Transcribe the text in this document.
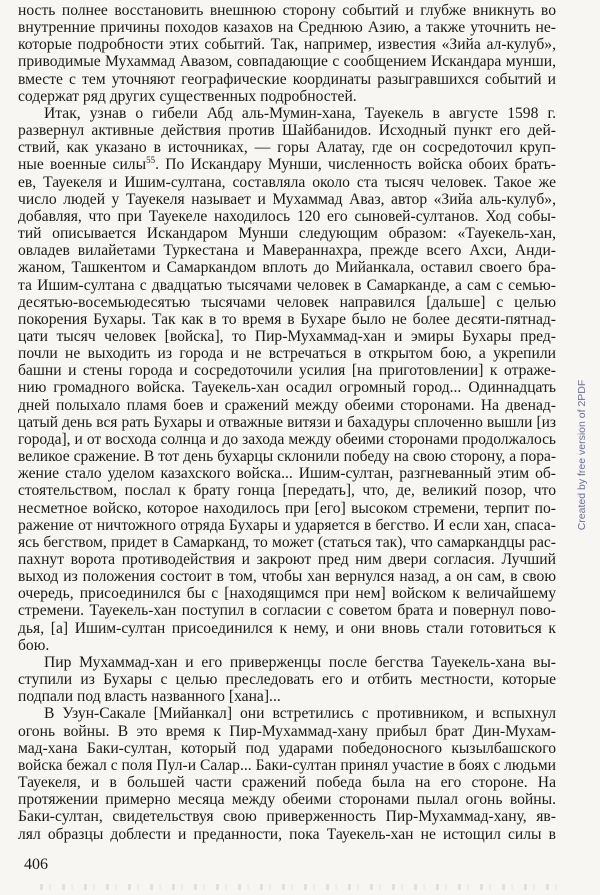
ность полнее восстановить внешнюю сторону событий и глубже вникнуть во
внутренние причины походов казахов на Среднюю Азию, а также уточнить не-
которые подробности этих событий. Так, например, известия «Зийа ал-кулуб»,
приводимые Мухаммад Авазом, совпадающие с сообщением Искандара мунши,
вместе с тем уточняют географические координаты разыгравшихся событий и
содержат ряд других существенных подробностей.
Итак, узнав о гибели Абд аль-Мумин-хана, Тауекель в августе 1598 г.
развернул активные действия против Шайбанидов. Исходный пункт его дей-
ствий, как указано в источниках, — горы Алатау, где он сосредоточил круп-
ные военные силы$^{55}$. По Искандару Мунши, численность войска обоих брать-
ев, Тауекеля и Ишим-султана, составляла около ста тысяч человек. Такое же
число людей у Тауекеля называет и Мухаммад Аваз, автор «Зийа аль-кулуб»,
добавляя, что при Тауекеле находилось 120 его сыновей-султанов. Ход собы-
тий описывается Искандаром Мунши следующим образом: «Тауекель-хан,
овладев вилайетами Туркестана и Мавераннахра, прежде всего Ахси, Анди-
жаном, Ташкентом и Самаркандом вплоть до Мийанкала, оставил своего бра-
та Ишим-султана с двадцатью тысячами человек в Самарканде, а сам с семью-
десятью-восемьюдесятью тысячами человек направился [дальше] с целью
покорения Бухары. Так как в то время в Бухаре было не более десяти-пятнад-
цати тысяч человек [войска], то Пир-Мухаммад-хан и эмиры Бухары пред-
почли не выходить из города и не встречаться в открытом бою, а укрепили
башни и стены города и сосредоточили усилия [на приготовлении] к отраже-
нию громадного войска. Тауекель-хан осадил огромный город... Одиннадцать
дней полыхало пламя боев и сражений между обеими сторонами. На двенад-
цатый день вся рать Бухары и отважные витязи и бахадуры сплоченно вышли [из
города], и от восхода солнца и до захода между обеими сторонами продолжалось
великое сражение. В тот день бухарцы склонили победу на свою сторону, а пора-
жение стало уделом казахского войска... Ишим-султан, разгневанный этим об-
стоятельством, послал к брату гонца [передать], что, де, великий позор, что
несметное войско, которое находилось при [его] высоком стремени, терпит по-
ражение от ничтожного отряда Бухары и ударяется в бегство. И если хан, спаса-
ясь бегством, придет в Самарканд, то может (статься так), что самаркандцы рас-
пахнут ворота противодействия и закроют пред ним двери согласия. Лучший
выход из положения состоит в том, чтобы хан вернулся назад, а он сам, в свою
очередь, присоединился бы с [находящимся при нем] войском к величайшему
стремени. Тауекель-хан поступил в согласии с советом брата и повернул пово-
дья, [а] Ишим-султан присоединился к нему, и они вновь стали готовиться к
бою.
Пир Мухаммад-хан и его приверженцы после бегства Тауекель-хана вы-
ступили из Бухары с целью преследовать его и отбить местности, которые
подпали под власть названного [хана]...
В Узун-Сакале [Мийанкал] они встретились с противником, и вспыхнул
огонь войны. В это время к Пир-Мухаммад-хану прибыл брат Дин-Мухам-
мад-хана Баки-султан, который под ударами победоносного кызылбашского
войска бежал с поля Пул-и Салар... Баки-султан принял участие в боях с людьми
Тауекеля, и в большей части сражений победа была на его стороне. На
протяжении примерно месяца между обеими сторонами пылал огонь войны.
Баки-султан, свидетельствуя свою приверженность Пир-Мухаммад-хану, яв-
лял образцы доблести и преданности, пока Тауекель-хан не истощил силы в
406
Created by free version of 2PDF
